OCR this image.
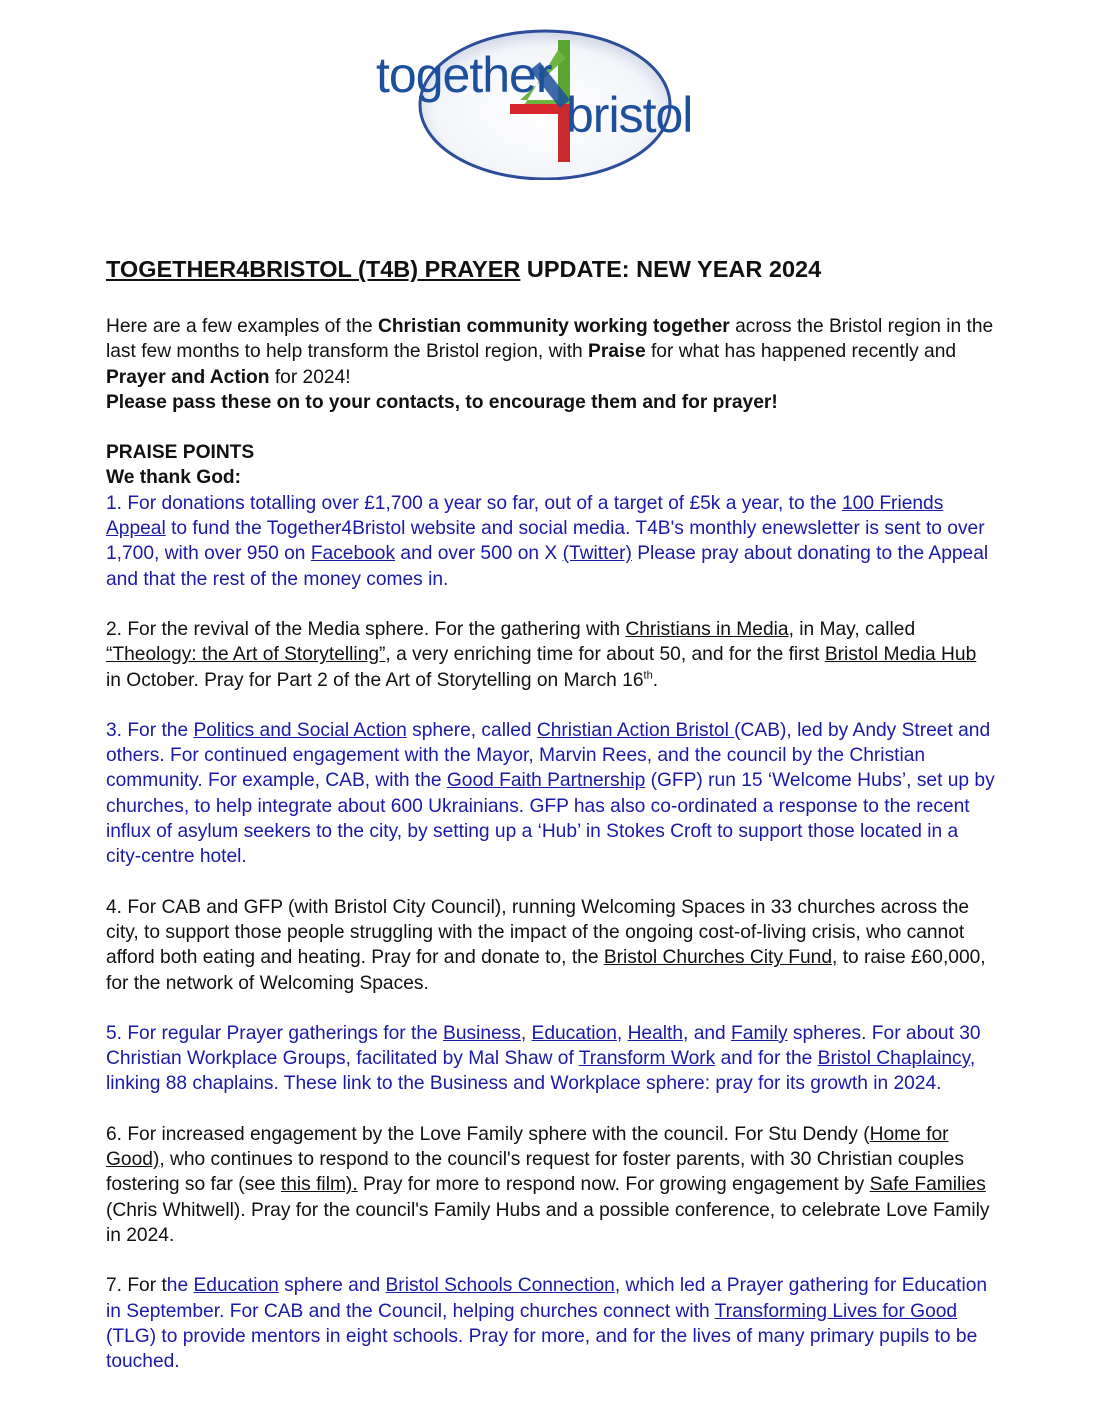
together
bristol
TOGETHER4BRISTOL (T4B) PRAYER UPDATE: NEW YEAR 2024

Here are a few examples of the Christian community working together across the Bristol region in the last few months to help transform the Bristol region, with Praise for what has happened recently and Prayer and Action for 2024!

Please pass these on to your contacts, to encourage them and for prayer!

PRAISE POINTS

We thank God:

1. For donations totalling over £1,700 a year so far, out of a target of £5k a year, to the 100 Friends Appeal to fund the Together4Bristol website and social media. T4B's monthly enewsletter is sent to over 1,700, with over 950 on Facebook and over 500 on X (Twitter) Please pray about donating to the Appeal and that the rest of the money comes in.

2. For the revival of the Media sphere. For the gathering with Christians in Media, in May, called “Theology: the Art of Storytelling”, a very enriching time for about 50, and for the first Bristol Media Hub in October. Pray for Part 2 of the Art of Storytelling on March 16th.

3. For the Politics and Social Action sphere, called Christian Action Bristol (CAB), led by Andy Street and others. For continued engagement with the Mayor, Marvin Rees, and the council by the Christian community. For example, CAB, with the Good Faith Partnership (GFP) run 15 ‘Welcome Hubs’, set up by churches, to help integrate about 600 Ukrainians. GFP has also co-ordinated a response to the recent influx of asylum seekers to the city, by setting up a ‘Hub’ in Stokes Croft to support those located in a city-centre hotel.

4. For CAB and GFP (with Bristol City Council), running Welcoming Spaces in 33 churches across the city, to support those people struggling with the impact of the ongoing cost-of-living crisis, who cannot afford both eating and heating. Pray for and donate to, the Bristol Churches City Fund, to raise £60,000, for the network of Welcoming Spaces.

5. For regular Prayer gatherings for the Business, Education, Health, and Family spheres. For about 30 Christian Workplace Groups, facilitated by Mal Shaw of Transform Work and for the Bristol Chaplaincy, linking 88 chaplains. These link to the Business and Workplace sphere: pray for its growth in 2024.

6. For increased engagement by the Love Family sphere with the council. For Stu Dendy (Home for Good), who continues to respond to the council's request for foster parents, with 30 Christian couples fostering so far (see this film). Pray for more to respond now. For growing engagement by Safe Families (Chris Whitwell). Pray for the council's Family Hubs and a possible conference, to celebrate Love Family in 2024.

7. For the Education sphere and Bristol Schools Connection, which led a Prayer gathering for Education in September. For CAB and the Council, helping churches connect with Transforming Lives for Good (TLG) to provide mentors in eight schools. Pray for more, and for the lives of many primary pupils to be touched.
